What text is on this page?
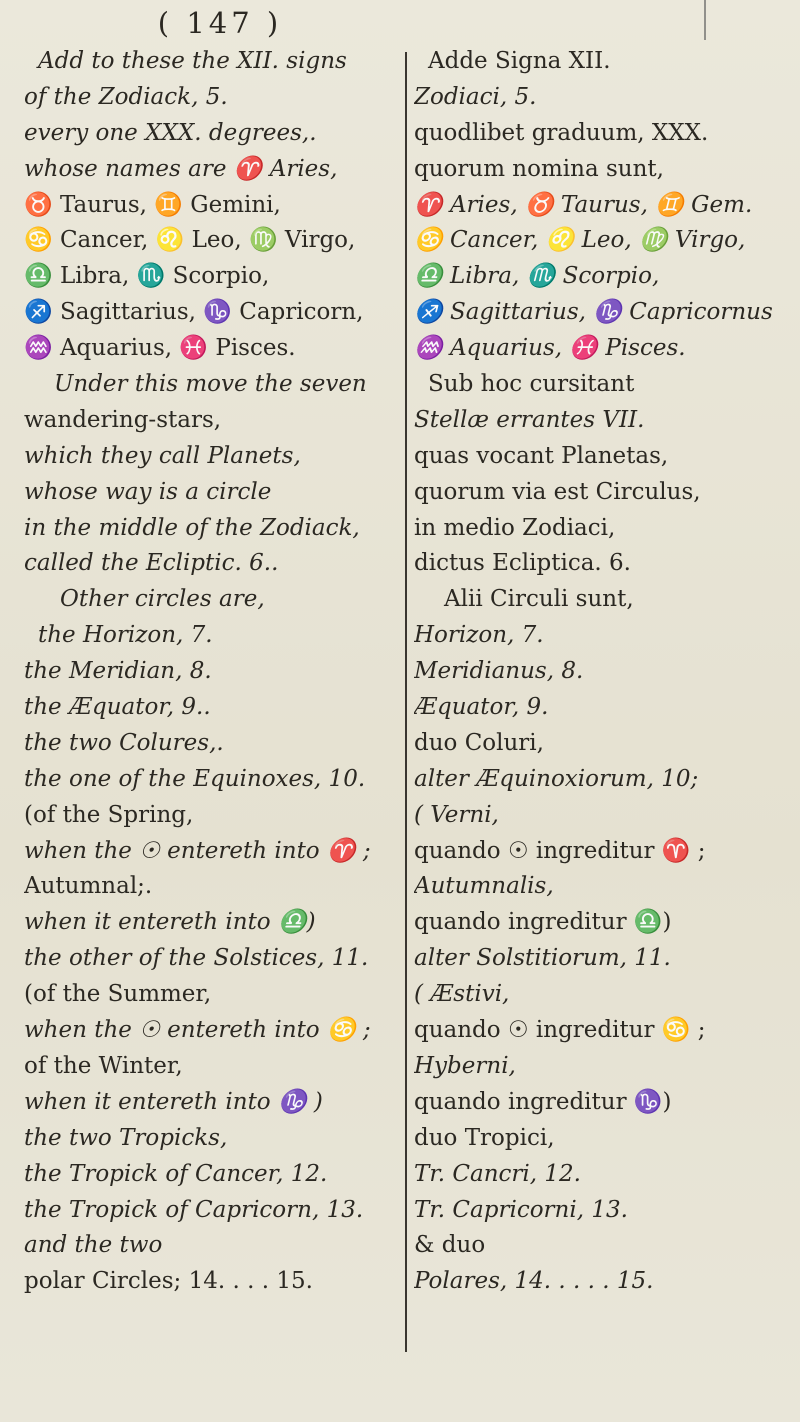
( 147 )
Add to these the XII. signs
of the Zodiack, 5.
every one XXX. degrees,.
whose names are ♈ Aries,
♉ Taurus, ♊ Gemini,
♋ Cancer, ♌ Leo, ♍ Virgo,
♎ Libra, ♏ Scorpio,
♐ Sagittarius, ♑ Capricorn,
♒ Aquarius, ♓ Pisces.
Under this move the seven
wandering-stars,
which they call Planets,
whose way is a circle
in the middle of the Zodiack,
called the Ecliptic. 6..
Other circles are,
the Horizon, 7.
the Meridian, 8.
the Æquator, 9..
the two Colures,.
the one of the Equinoxes, 10.
(of the Spring,
when the ☉ entereth into ♈ ;
Autumnal;.
when it entereth into ♎)
the other of the Solstices, 11.
(of the Summer,
when the ☉ entereth into ♋ ;
of the Winter,
when it entereth into ♑ )
the two Tropicks,
the Tropick of Cancer, 12.
the Tropick of Capricorn, 13.
and the two
polar Circles; 14. . . . 15.
Adde Signa XII.
Zodiaci, 5.
quodlibet graduum, XXX.
quorum nomina sunt,
♈ Aries, ♉ Taurus, ♊ Gem.
♋ Cancer, ♌ Leo, ♍ Virgo,
♎ Libra, ♏ Scorpio,
♐ Sagittarius, ♑ Capricornus
♒ Aquarius, ♓ Pisces.
Sub hoc cursitant
Stellæ errantes VII.
quas vocant Planetas,
quorum via est Circulus,
in medio Zodiaci,
dictus Ecliptica. 6.
Alii Circuli sunt,
Horizon, 7.
Meridianus, 8.
Æquator, 9.
duo Coluri,
alter Æquinoxiorum, 10;
( Verni,
quando ☉ ingreditur ♈ ;
Autumnalis,
quando ingreditur ♎)
alter Solstitiorum, 11.
( Æstivi,
quando ☉ ingreditur ♋ ;
Hyberni,
quando ingreditur ♑)
duo Tropici,
Tr. Cancri, 12.
Tr. Capricorni, 13.
& duo
Polares, 14. . . . . 15.
